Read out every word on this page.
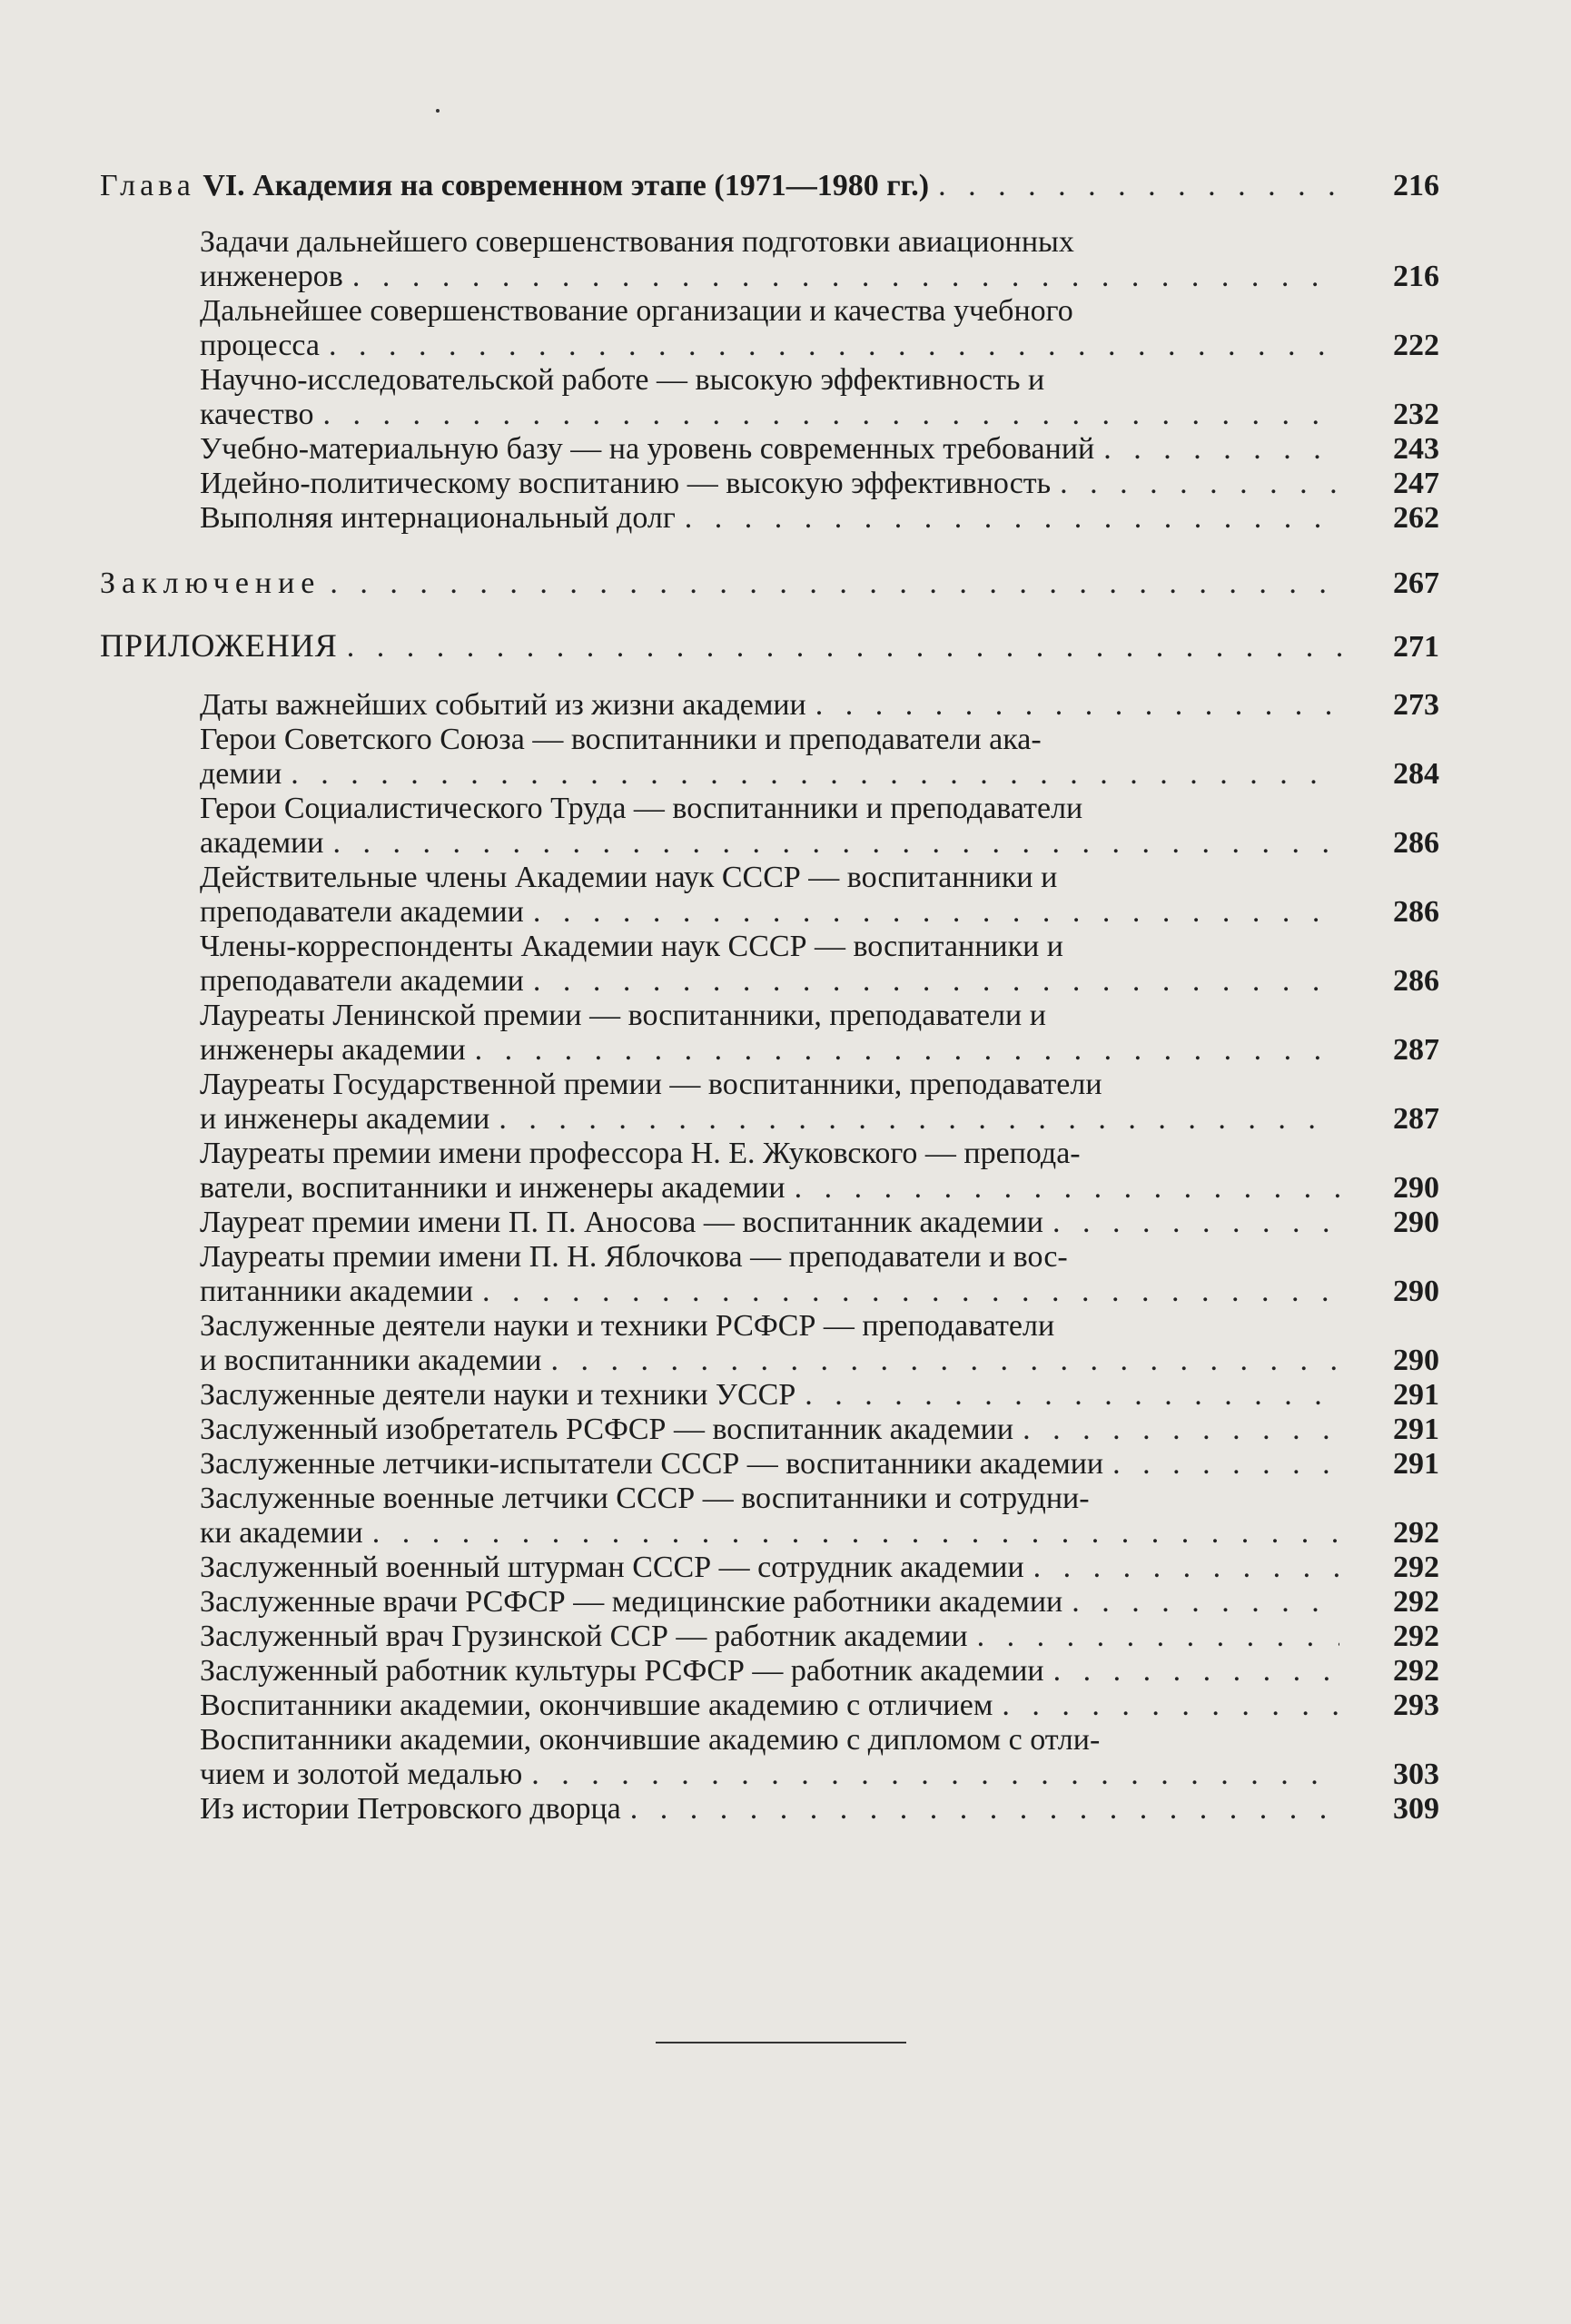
Глава VI. Академия на современном этапе (1971—1980 гг.) . . .	216
Задачи дальнейшего совершенствования подготовки авиационных
инженеров . . .	216
Дальнейшее совершенствование организации и качества учебного
процесса . . .	222
Научно-исследовательской работе — высокую эффективность и
качество . . .	232
Учебно-материальную базу — на уровень современных требований . . .	243
Идейно-политическому воспитанию — высокую эффективность . . .	247
Выполняя интернациональный долг . . .	262
Заключение . . .	267
ПРИЛОЖЕНИЯ . . .	271
Даты важнейших событий из жизни академии . . .	273
Герои Советского Союза — воспитанники и преподаватели ака-
демии . . .	284
Герои Социалистического Труда — воспитанники и преподаватели
академии . . .	286
Действительные члены Академии наук СССР — воспитанники и
преподаватели академии . . .	286
Члены-корреспонденты Академии наук СССР — воспитанники и
преподаватели академии . . .	286
Лауреаты Ленинской премии — воспитанники, преподаватели и
инженеры академии . . .	287
Лауреаты Государственной премии — воспитанники, преподаватели
и инженеры академии . . .	287
Лауреаты премии имени профессора Н. Е. Жуковского — препода-
ватели, воспитанники и инженеры академии . . .	290
Лауреат премии имени П. П. Аносова — воспитанник академии . . .	290
Лауреаты премии имени П. Н. Яблочкова — преподаватели и вос-
питанники академии . . .	290
Заслуженные деятели науки и техники РСФСР — преподаватели
и воспитанники академии . . .	290
Заслуженные деятели науки и техники УССР . . .	291
Заслуженный изобретатель РСФСР — воспитанник академии . . .	291
Заслуженные летчики-испытатели СССР — воспитанники академии . . .	291
Заслуженные военные летчики СССР — воспитанники и сотрудни-
ки академии . . .	292
Заслуженный военный штурман СССР — сотрудник академии . . .	292
Заслуженные врачи РСФСР — медицинские работники академии . . .	292
Заслуженный врач Грузинской ССР — работник академии . . .	292
Заслуженный работник культуры РСФСР — работник академии . . .	292
Воспитанники академии, окончившие академию с отличием . . .	293
Воспитанники академии, окончившие академию с дипломом с отли-
чием и золотой медалью . . .	303
Из истории Петровского дворца . . .	309
